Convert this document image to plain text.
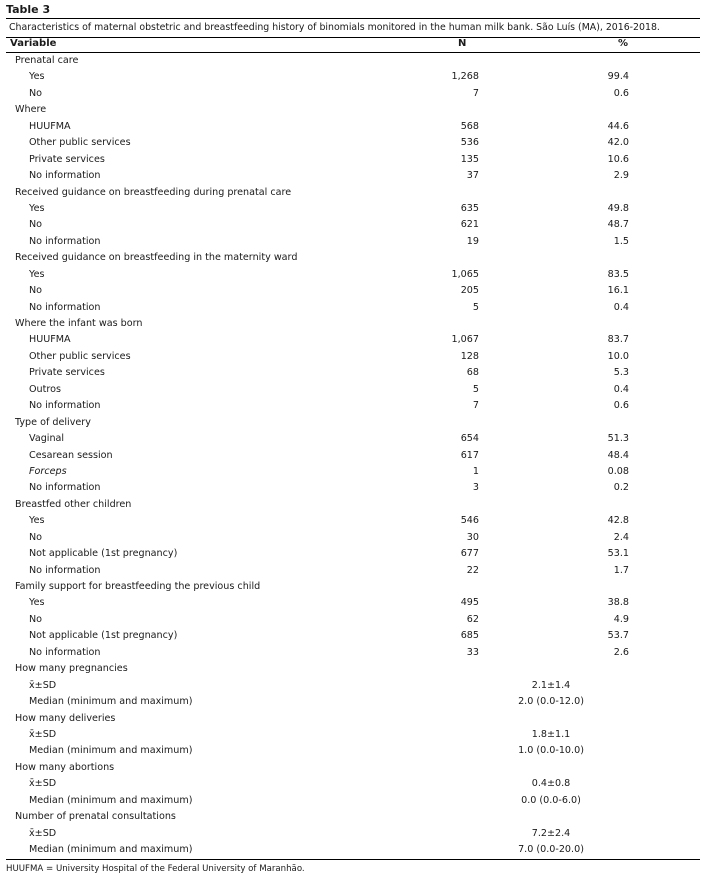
Table 3
Characteristics of maternal obstetric and breastfeeding history of binomials monitored in the human milk bank. São Luís (MA), 2016-2018.
Variable	N	%
Prenatal care
Yes	1,268	99.4
No	7	0.6
Where
HUUFMA	568	44.6
Other public services	536	42.0
Private services	135	10.6
No information	37	2.9
Received guidance on breastfeeding during prenatal care
Yes	635	49.8
No	621	48.7
No information	19	1.5
Received guidance on breastfeeding in the maternity ward
Yes	1,065	83.5
No	205	16.1
No information	5	0.4
Where the infant was born
HUUFMA	1,067	83.7
Other public services	128	10.0
Private services	68	5.3
Outros	5	0.4
No information	7	0.6
Type of delivery
Vaginal	654	51.3
Cesarean session	617	48.4
Forceps	1	0.08
No information	3	0.2
Breastfed other children
Yes	546	42.8
No	30	2.4
Not applicable (1st pregnancy)	677	53.1
No information	22	1.7
Family support for breastfeeding the previous child
Yes	495	38.8
No	62	4.9
Not applicable (1st pregnancy)	685	53.7
No information	33	2.6
How many pregnancies
x̄±SD	2.1±1.4
Median (minimum and maximum)	2.0 (0.0-12.0)
How many deliveries
x̄±SD	1.8±1.1
Median (minimum and maximum)	1.0 (0.0-10.0)
How many abortions
x̄±SD	0.4±0.8
Median (minimum and maximum)	0.0 (0.0-6.0)
Number of prenatal consultations
x̄±SD	7.2±2.4
Median (minimum and maximum)	7.0 (0.0-20.0)
HUUFMA = University Hospital of the Federal University of Maranhão.
